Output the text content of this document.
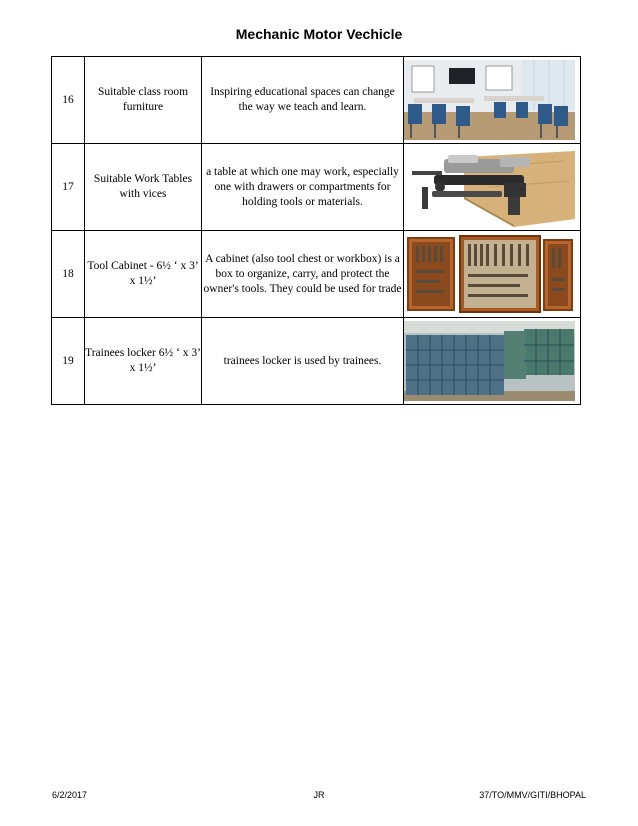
Mechanic Motor Vechicle
16	Suitable class room furniture	Inspiring educational spaces can change the way we teach and learn.	

17	Suitable Work Tables with vices	a table at which one may work, especially one with drawers or compartments for holding tools or materials.	

18	Tool Cabinet - 6½ ‘ x 3’ x 1½’	A cabinet (also tool chest or workbox) is a box to organize, carry, and protect the owner's tools. They could be used for trade	

19	Trainees locker 6½ ‘ x 3’ x 1½’	trainees locker is used by trainees.	
6/2/2017	JR	37/TO/MMV/GITI/BHOPAL
